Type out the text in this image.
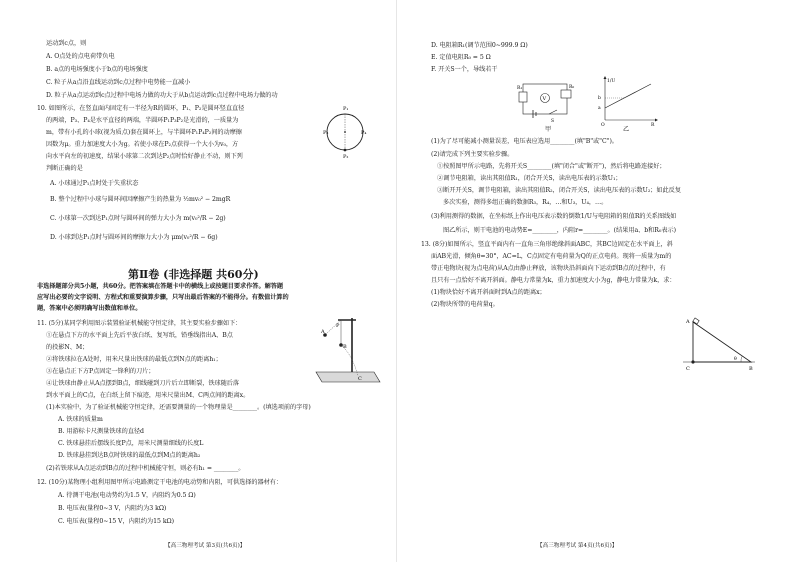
运动到c点，则
A. O点处的点电荷带负电
B. a点的电场强度小于b点的电场强度
C. 粒子从a点沿直线运动到c点过程中电势能一直减小
D. 粒子从a点运动到c点过程中电场力做的功大于从b点运动到c点过程中电场力做的功
10. 如图所示，在竖直面内固定有一半径为R的圆环，P₁、P₂是圆环竖直直径
的两端，P₃、P₄是水平直径的两端，半圆环P₁P₃P₂是光滑的，一质量为
m，带有小孔的小球(视为质点)套在圆环上，与半圆环P₁P₄P₂间的动摩擦
因数为μ。重力加速度大小为g。若使小球在P₂点获得一个大小为v₀，方
向水平向左的初速度，结果小球第二次到达P₂点时恰好静止不动，则下列
判断正确的是
A. 小球通过P₁点时处于失重状态
B. 整个过程中小球与圆环间因摩擦产生的热量为 ½mv₀² − 2mgR
C. 小球第一次到达P₁点时与圆环间的弹力大小为 m(v₀²/R − 2g)
D. 小球到达P₁点时与圆环间的摩擦力大小为 μm(v₀²/R − 6g)
P₁
P₂
P₃	P₄
第Ⅱ卷 (非选择题 共60分)
非选择题部分共5小题，共60分。把答案填在答题卡中的横线上或按题目要求作答。解答题
应写出必要的文字说明、方程式和重要演算步骤，只写出最后答案的不能得分。有数值计算的
题，答案中必须明确写出数值和单位。
11. (5分)某同学利用图示装置验证机械能守恒定律，其主要实验步骤如下：
①在悬点下方的水平面上先后平放白纸、复写纸，铅垂线指出A、B点
的投影N、M；
②将铁球拉在A处时，用米尺量出铁球的最低点到N点的距离h₁；
③在悬点正下方P点固定一锋利的刀片；
④让铁球由静止从A点摆到B点，细线碰到刀片后立即断裂，铁球随后落
到水平面上的C点，在白纸上留下痕迹，用米尺量出M、C两点间的距离x。
(1)本实验中，为了验证机械能守恒定律，还需要测量的一个物理量是________。(填选项前的字母)
A. 铁球的质量m
B. 用游标卡尺测量铁球的直径d
C. 铁球悬挂后摆线长度P点，用米尺测量细线的长度L
D. 铁球悬挂到达B点时铁球的最低点到M点的距离h₂
(2)若铁球从A点运动到B点的过程中机械能守恒，则必有h₁ = ________。
A
B
P
C
12. (10分)某物理小组利用图甲所示电路测定干电池的电动势和内阻，可供选择的器材有：
A. 待测干电池(电动势约为1.5 V，内阻约为0.5 Ω)
B. 电压表(量程0~3 V，内阻约为3 kΩ)
C. 电压表(量程0~15 V，内阻约为15 kΩ)
【高三物理考试 第3页(共6页)】
D. 电阻箱R₁(调节范围0~999.9 Ω)
E. 定值电阻R₀ = 5 Ω
F. 开关S一个，导线若干
V
R₁	R₀
S
甲
1/U
a
b
R
O
乙
(1)为了尽可能减小测量误差，电压表应选用________(填"B"或"C")。
(2)请完成下列主要实验步骤。
①按照图甲所示电路，先将开关S________(填"闭合"或"断开")，然后将电路连接好；
②调节电阻箱，读出其阻值R₁，闭合开关S，读出电压表的示数U₁；
③断开开关S，调节电阻箱，读出其阻值R₂，闭合开关S，读出电压表的示数U₂；如此反复
多次实验，测得多组正确的数据R₃，R₄，…和U₃，U₄，…。
(3)利用测得的数据，在坐标纸上作出电压表示数的倒数1/U与电阻箱的阻值R的关系图线如
图乙所示，则干电池的电动势E=________，内阻r=________。(结果用a、b和R₀表示)
13. (8分)如图所示，竖直平面内有一直角三角形绝缘斜面ABC，其BC边固定在水平面上，斜
面AB光滑，倾角θ=30°，AC=L，C点固定有电荷量为Q的正点电荷。现将一质量为m的
带正电物块(视为点电荷)从A点由静止释放，该物块沿斜面向下运动到B点的过程中，有
且只有一点恰好不离开斜面。静电力常量为k，重力加速度大小为g，静电力常量为k，求：
(1)物块恰好不离开斜面时到A点的距离x；
(2)物块所带的电荷量q。
A
C	B
θ
【高三物理考试 第4页(共6页)】
